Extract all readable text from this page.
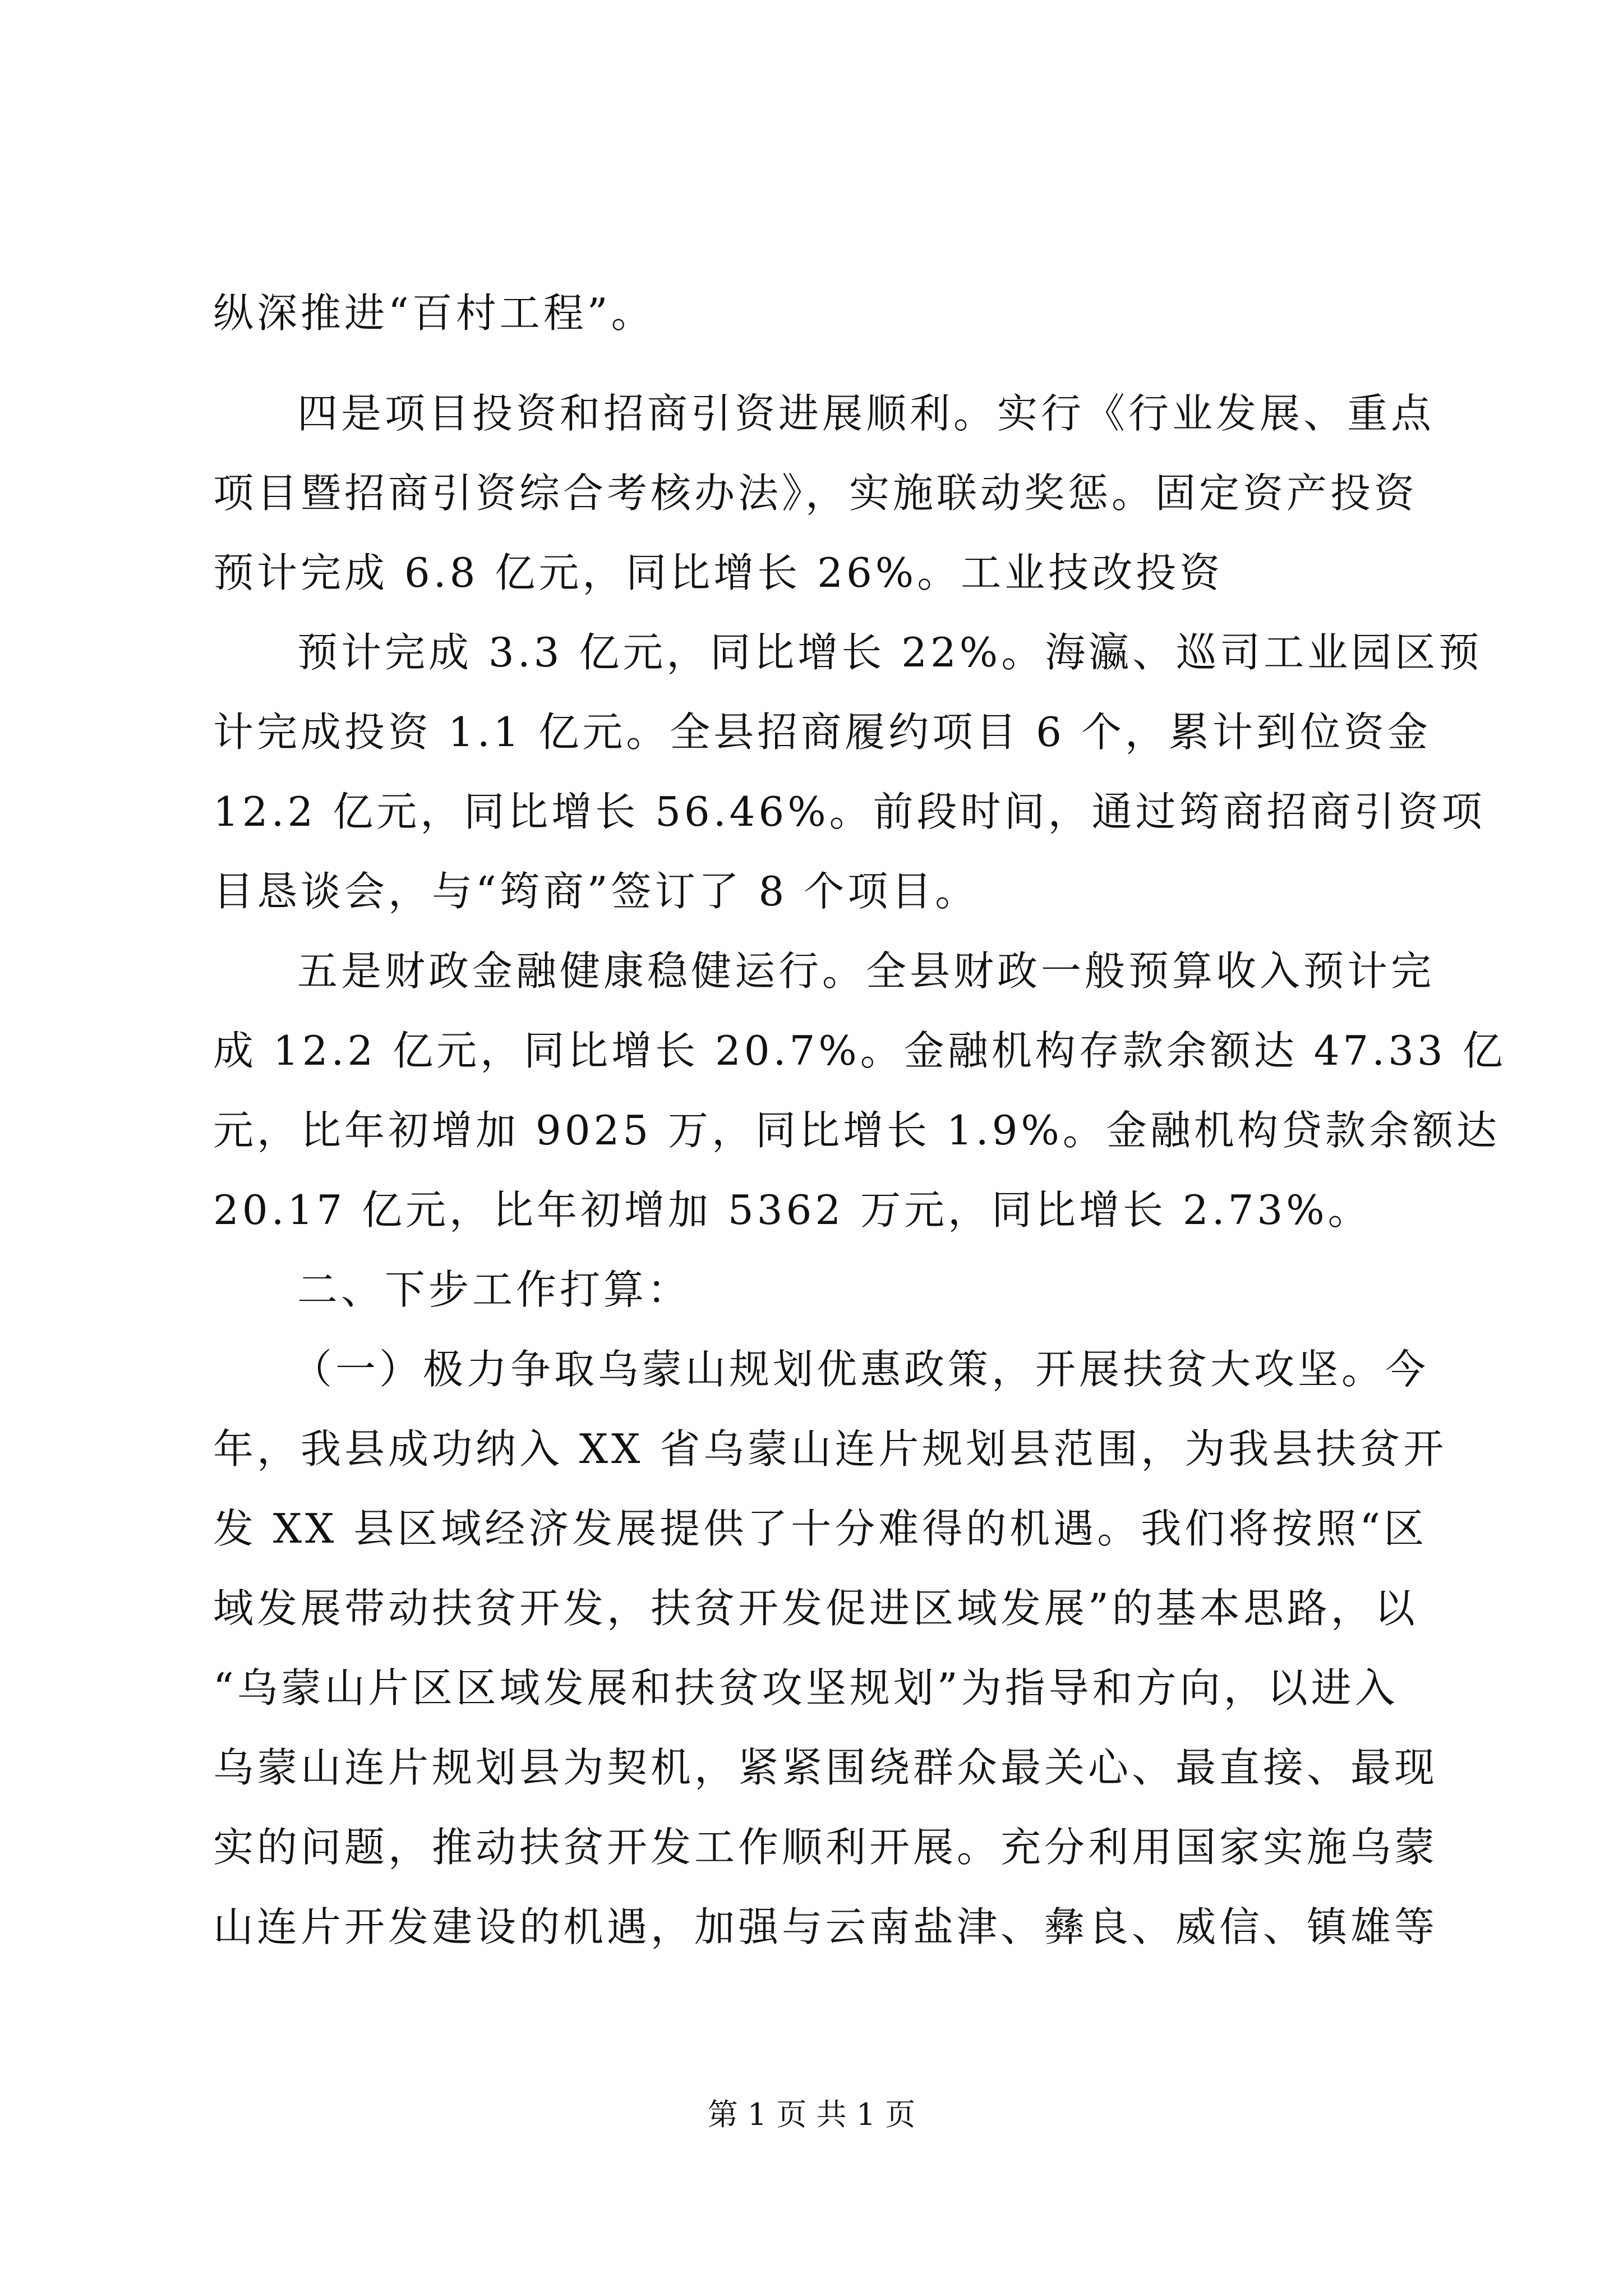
纵深推进“百村工程”。
四是项目投资和招商引资进展顺利。实行《行业发展、重点
项目暨招商引资综合考核办法》，实施联动奖惩。固定资产投资
预计完成 6.8 亿元，同比增长 26%。工业技改投资
预计完成 3.3 亿元，同比增长 22%。海瀛、巡司工业园区预
计完成投资 1.1 亿元。全县招商履约项目 6 个，累计到位资金
12.2 亿元，同比增长 56.46%。前段时间，通过筠商招商引资项
目恳谈会，与“筠商”签订了 8 个项目。
五是财政金融健康稳健运行。全县财政一般预算收入预计完
成 12.2 亿元，同比增长 20.7%。金融机构存款余额达 47.33 亿
元，比年初增加 9025 万，同比增长 1.9%。金融机构贷款余额达
20.17 亿元，比年初增加 5362 万元，同比增长 2.73%。
二、下步工作打算：
（一）极力争取乌蒙山规划优惠政策，开展扶贫大攻坚。今
年，我县成功纳入 XX 省乌蒙山连片规划县范围，为我县扶贫开
发 XX 县区域经济发展提供了十分难得的机遇。我们将按照“区
域发展带动扶贫开发，扶贫开发促进区域发展”的基本思路，以
“乌蒙山片区区域发展和扶贫攻坚规划”为指导和方向，以进入
乌蒙山连片规划县为契机，紧紧围绕群众最关心、最直接、最现
实的问题，推动扶贫开发工作顺利开展。充分利用国家实施乌蒙
山连片开发建设的机遇，加强与云南盐津、彝良、威信、镇雄等
第 1 页 共 1 页
